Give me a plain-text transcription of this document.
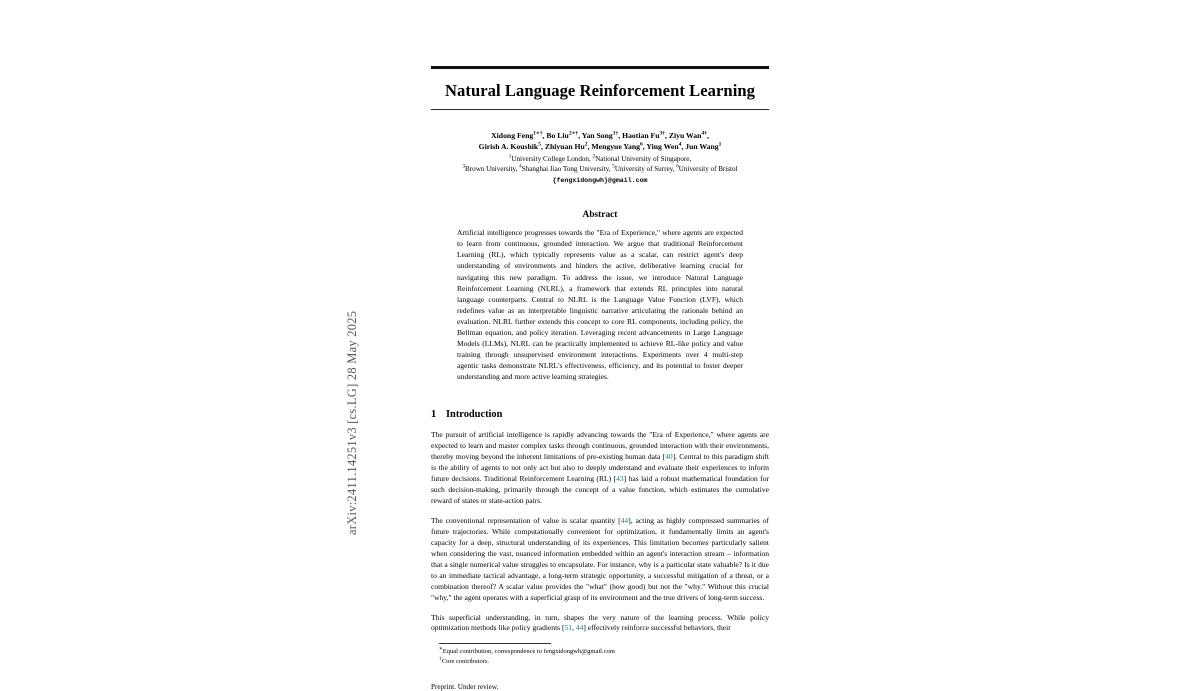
arXiv:2411.14251v3 [cs.LG] 28 May 2025
Natural Language Reinforcement Learning
Xidong Feng$^{1∗\dagger}$, Bo Liu$^{2∗\dagger}$, Yan Song$^{1\dagger}$, Haotian $Fu^{3\dagger}$, Ziyu Wan$^{4\dagger}$,
Girish A. Koushik$^5$, Zhiyuan Hu$^2$, Mengyue Yang$^6$, Ying Wen$^4$, Jun Wang$^1$
$^1$University College London, $^2$National University of Singapore,
$^3$Brown University, $^4$Shanghai Jiao Tong University, $^5$University of Surrey, $^6$University of Bristol
{fengxidongwh}@gmail.com
Abstract
Artificial intelligence progresses towards the "Era of Experience," where agents are expected to learn from continuous, grounded interaction. We argue that traditional Reinforcement Learning (RL), which typically represents value as a scalar, can restrict agent's deep understanding of environments and hinders the active, deliberative learning crucial for navigating this new paradigm. To address the issue, we introduce Natural Language Reinforcement Learning (NLRL), a framework that extends RL principles into natural language counterparts. Central to NLRL is the Language Value Function (LVF), which redefines value as an interpretable linguistic narrative articulating the rationale behind an evaluation. NLRL further extends this concept to core RL components, including policy, the Bellman equation, and policy iteration. Leveraging recent advancements in Large Language Models (LLMs), NLRL can be practically implemented to achieve RL-like policy and value training through unsupervised environment interactions. Experiments over 4 multi-step agentic tasks demonstrate NLRL's effectiveness, efficiency, and its potential to foster deeper understanding and more active learning strategies.
1 Introduction

The pursuit of artificial intelligence is rapidly advancing towards the "Era of Experience," where agents are expected to learn and master complex tasks through continuous, grounded interaction with their environments, thereby moving beyond the inherent limitations of pre-existing human data [40]. Central to this paradigm shift is the ability of agents to not only act but also to deeply understand and evaluate their experiences to inform future decisions. Traditional Reinforcement Learning (RL) [43] has laid a robust mathematical foundation for such decision-making, primarily through the concept of a value function, which estimates the cumulative reward of states or state-action pairs.

The conventional representation of value is scalar quantity [44], acting as highly compressed summaries of future trajectories. While computationally convenient for optimization, it fundamentally limits an agent's capacity for a deep, structural understanding of its experiences. This limitation becomes particularly salient when considering the vast, nuanced information embedded within an agent's interaction stream – information that a single numerical value struggles to encapsulate. For instance, why is a particular state valuable? Is it due to an immediate tactical advantage, a long-term strategic opportunity, a successful mitigation of a threat, or a combination thereof? A scalar value provides the "what" (how good) but not the "why." Without this crucial "why," the agent operates with a superficial grasp of its environment and the true drivers of long-term success.

This superficial understanding, in turn, shapes the very nature of the learning process. While policy optimization methods like policy gradients [51, 44] effectively reinforce successful behaviors, their

∗Equal contribution, correspondence to fengxidongwh@gmail.com
†Core contributors.
Preprint. Under review.
